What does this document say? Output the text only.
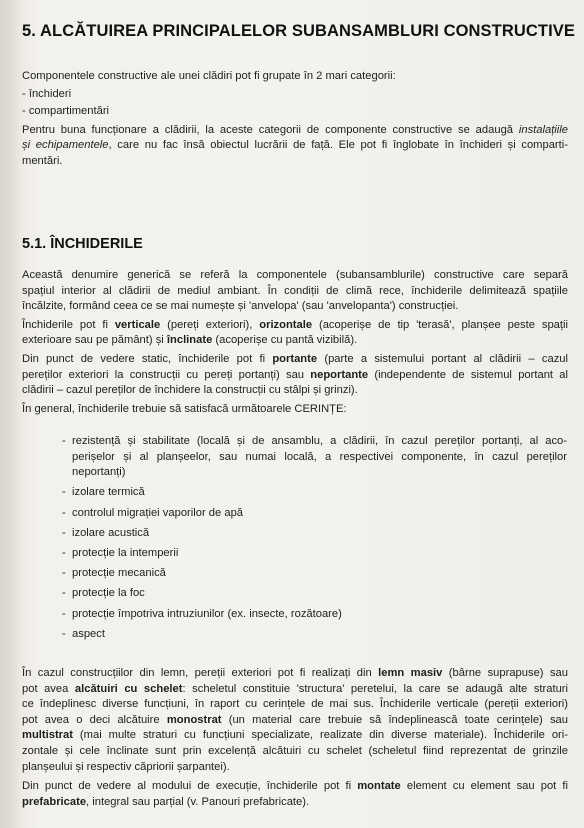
5. ALCĂTUIREA PRINCIPALELOR SUBANSAMBLURI CONSTRUCTIVE
Componentele constructive ale unei clădiri pot fi grupate în 2 mari categorii:
- închideri
- compartimentări
Pentru buna funcționare a clădirii, la aceste categorii de componente constructive se adaugă instalațiile
și echipamentele, care nu fac însă obiectul lucrării de față. Ele pot fi înglobate în închideri și comparti-
mentări.
5.1. ÎNCHIDERILE
Această denumire generică se referă la componentele (subansamblurile) constructive care separă
spațiul interior al clădirii de mediul ambiant. În condiții de climă rece, închiderile delimitează spațiile
încălzite, formând ceea ce se mai numește și 'anvelopa' (sau 'anvelopanta') construcției.
Închiderile pot fi verticale (pereți exteriori), orizontale (acoperișe de tip 'terasă', planșee peste spații
exterioare sau pe pământ) și înclinate (acoperișe cu pantă vizibilă).
Din punct de vedere static, închiderile pot fi portante (parte a sistemului portant al clădirii – cazul
pereților exteriori la construcții cu pereți portanți) sau neportante (independente de sistemul portant al
clădirii – cazul pereților de închidere la construcții cu stâlpi și grinzi).
În general, închiderile trebuie să satisfacă următoarele CERINȚE:
- rezistență și stabilitate (locală și de ansamblu, a clădirii, în cazul pereților portanți, al aco-
perișelor și al planșeelor, sau numai locală, a respectivei componente, în cazul pereților
neportanți)
- izolare termică
- controlul migrației vaporilor de apă
- izolare acustică
- protecție la intemperii
- protecție mecanică
- protecție la foc
- protecție împotriva intruziunilor (ex. insecte, rozătoare)
- aspect
În cazul construcțiilor din lemn, pereții exteriori pot fi realizați din lemn masiv (bârne suprapuse) sau
pot avea alcătuiri cu schelet: scheletul constituie 'structura' peretelui, la care se adaugă alte straturi
ce îndeplinesc diverse funcțiuni, în raport cu cerințele de mai sus. Închiderile verticale (pereții exteriori)
pot avea o deci alcătuire monostrat (un material care trebuie să îndeplinească toate cerințele) sau
multistrat (mai multe straturi cu funcțiuni specializate, realizate din diverse materiale). Închiderile ori-
zontale și cele înclinate sunt prin excelență alcătuiri cu schelet (scheletul fiind reprezentat de grinzile
planșeului și respectiv căpriorii șarpantei).
Din punct de vedere al modului de execuție, închiderile pot fi montate element cu element sau pot fi
prefabricate, integral sau parțial (v. Panouri prefabricate).
